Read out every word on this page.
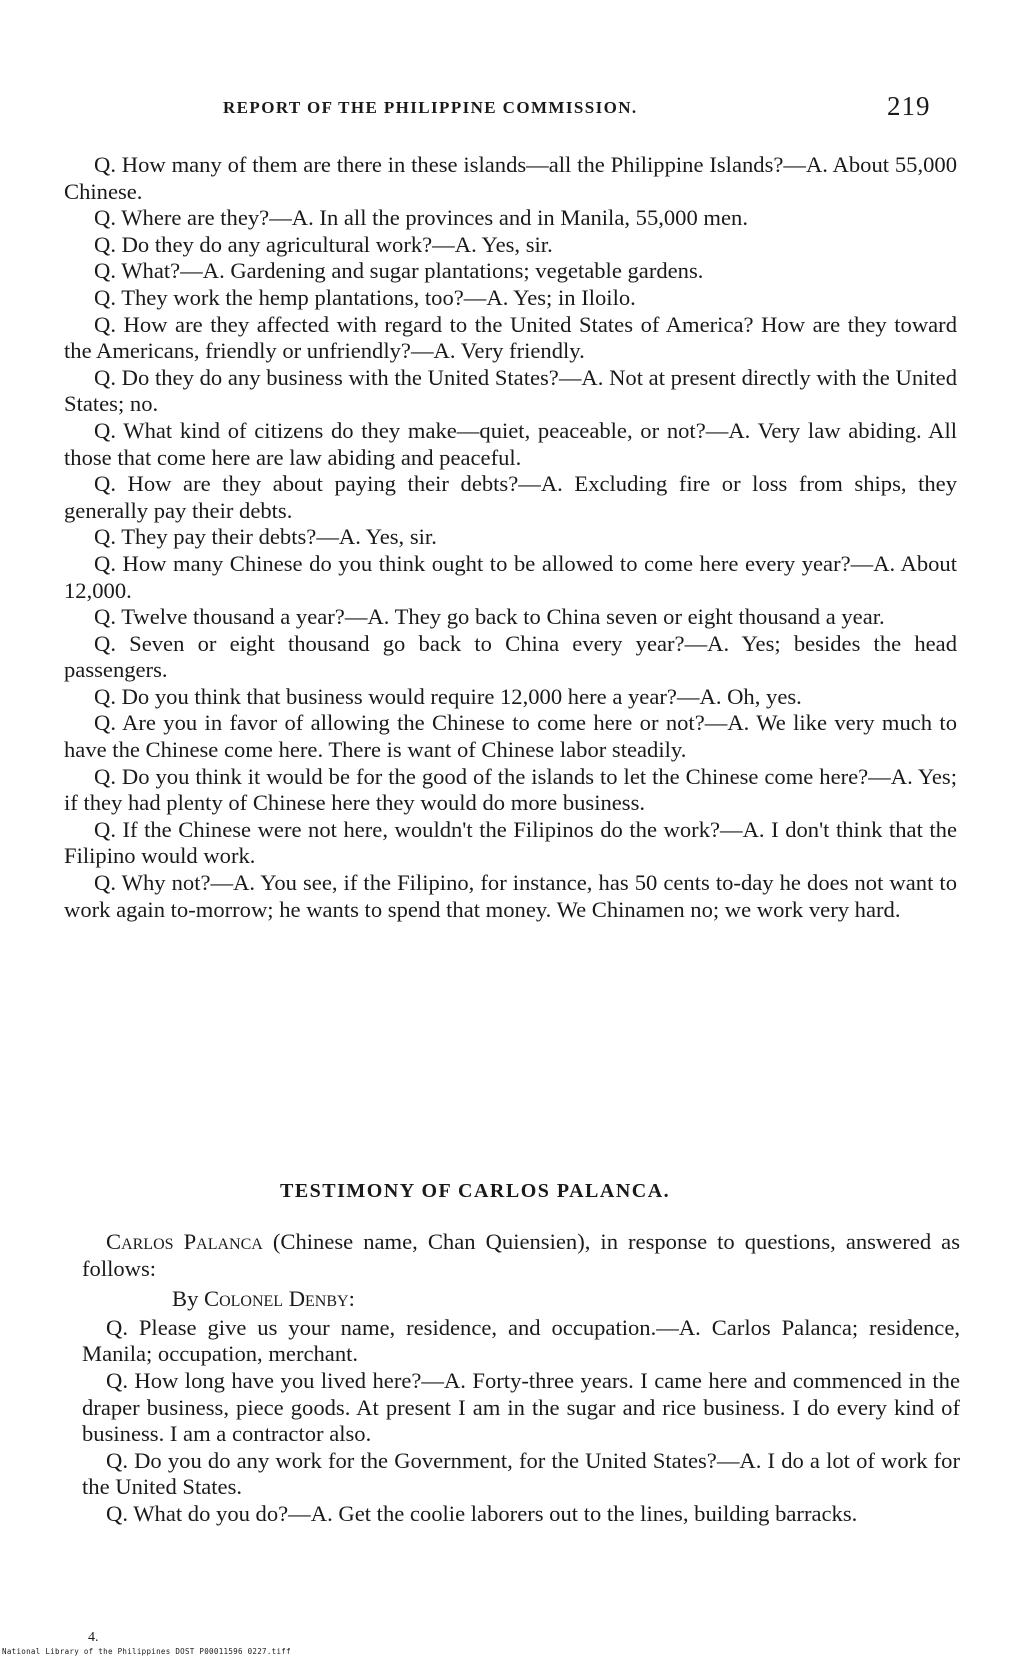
REPORT OF THE PHILIPPINE COMMISSION.	219

Q. How many of them are there in these islands—all the Philippine Islands?—A. About 55,000 Chinese.

Q. Where are they?—A. In all the provinces and in Manila, 55,000 men.

Q. Do they do any agricultural work?—A. Yes, sir.

Q. What?—A. Gardening and sugar plantations; vegetable gardens.

Q. They work the hemp plantations, too?—A. Yes; in Iloilo.

Q. How are they affected with regard to the United States of America? How are they toward the Americans, friendly or unfriendly?—A. Very friendly.

Q. Do they do any business with the United States?—A. Not at present directly with the United States; no.

Q. What kind of citizens do they make—quiet, peaceable, or not?—A. Very law abiding. All those that come here are law abiding and peaceful.

Q. How are they about paying their debts?—A. Excluding fire or loss from ships, they generally pay their debts.

Q. They pay their debts?—A. Yes, sir.

Q. How many Chinese do you think ought to be allowed to come here every year?—A. About 12,000.

Q. Twelve thousand a year?—A. They go back to China seven or eight thousand a year.

Q. Seven or eight thousand go back to China every year?—A. Yes; besides the head passengers.

Q. Do you think that business would require 12,000 here a year?—A. Oh, yes.

Q. Are you in favor of allowing the Chinese to come here or not?—A. We like very much to have the Chinese come here. There is want of Chinese labor steadily.

Q. Do you think it would be for the good of the islands to let the Chinese come here?—A. Yes; if they had plenty of Chinese here they would do more business.

Q. If the Chinese were not here, wouldn't the Filipinos do the work?—A. I don't think that the Filipino would work.

Q. Why not?—A. You see, if the Filipino, for instance, has 50 cents to-day he does not want to work again to-morrow; he wants to spend that money. We Chinamen no; we work very hard.

TESTIMONY OF CARLOS PALANCA.

Carlos Palanca (Chinese name, Chan Quiensien), in response to questions, answered as follows:

By Colonel Denby:

Q. Please give us your name, residence, and occupation.—A. Carlos Palanca; residence, Manila; occupation, merchant.

Q. How long have you lived here?—A. Forty-three years. I came here and commenced in the draper business, piece goods. At present I am in the sugar and rice business. I do every kind of business. I am a contractor also.

Q. Do you do any work for the Government, for the United States?—A. I do a lot of work for the United States.

Q. What do you do?—A. Get the coolie laborers out to the lines, building barracks.

4.
National Library of the Philippines DOST P00011596 0227.tiff
